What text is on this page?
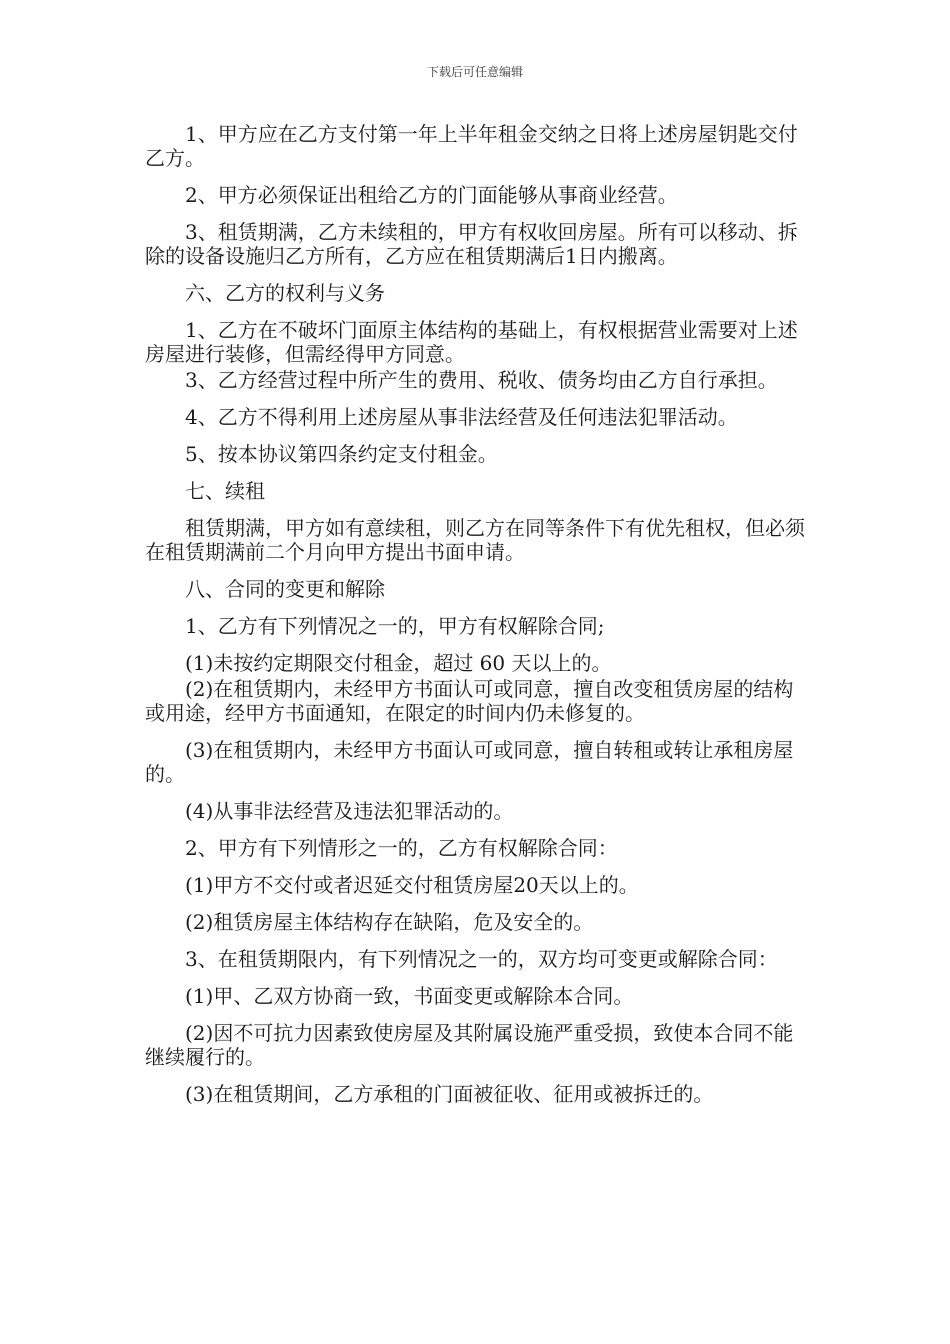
下载后可任意编辑

1、甲方应在乙方支付第一年上半年租金交纳之日将上述房屋钥匙交付乙方。

2、甲方必须保证出租给乙方的门面能够从事商业经营。

3、租赁期满，乙方未续租的，甲方有权收回房屋。所有可以移动、拆除的设备设施归乙方所有，乙方应在租赁期满后1日内搬离。

六、乙方的权利与义务

1、乙方在不破坏门面原主体结构的基础上，有权根据营业需要对上述房屋进行装修，但需经得甲方同意。

3、乙方经营过程中所产生的费用、税收、债务均由乙方自行承担。

4、乙方不得利用上述房屋从事非法经营及任何违法犯罪活动。

5、按本协议第四条约定支付租金。

七、续租

租赁期满，甲方如有意续租，则乙方在同等条件下有优先租权，但必须在租赁期满前二个月向甲方提出书面申请。

八、合同的变更和解除

1、乙方有下列情况之一的，甲方有权解除合同;

(1)未按约定期限交付租金，超过 60 天以上的。

(2)在租赁期内，未经甲方书面认可或同意，擅自改变租赁房屋的结构或用途，经甲方书面通知，在限定的时间内仍未修复的。

(3)在租赁期内，未经甲方书面认可或同意，擅自转租或转让承租房屋的。

(4)从事非法经营及违法犯罪活动的。

2、甲方有下列情形之一的，乙方有权解除合同：

(1)甲方不交付或者迟延交付租赁房屋20天以上的。

(2)租赁房屋主体结构存在缺陷，危及安全的。

3、在租赁期限内，有下列情况之一的，双方均可变更或解除合同：

(1)甲、乙双方协商一致，书面变更或解除本合同。

(2)因不可抗力因素致使房屋及其附属设施严重受损，致使本合同不能继续履行的。

(3)在租赁期间，乙方承租的门面被征收、征用或被拆迁的。
